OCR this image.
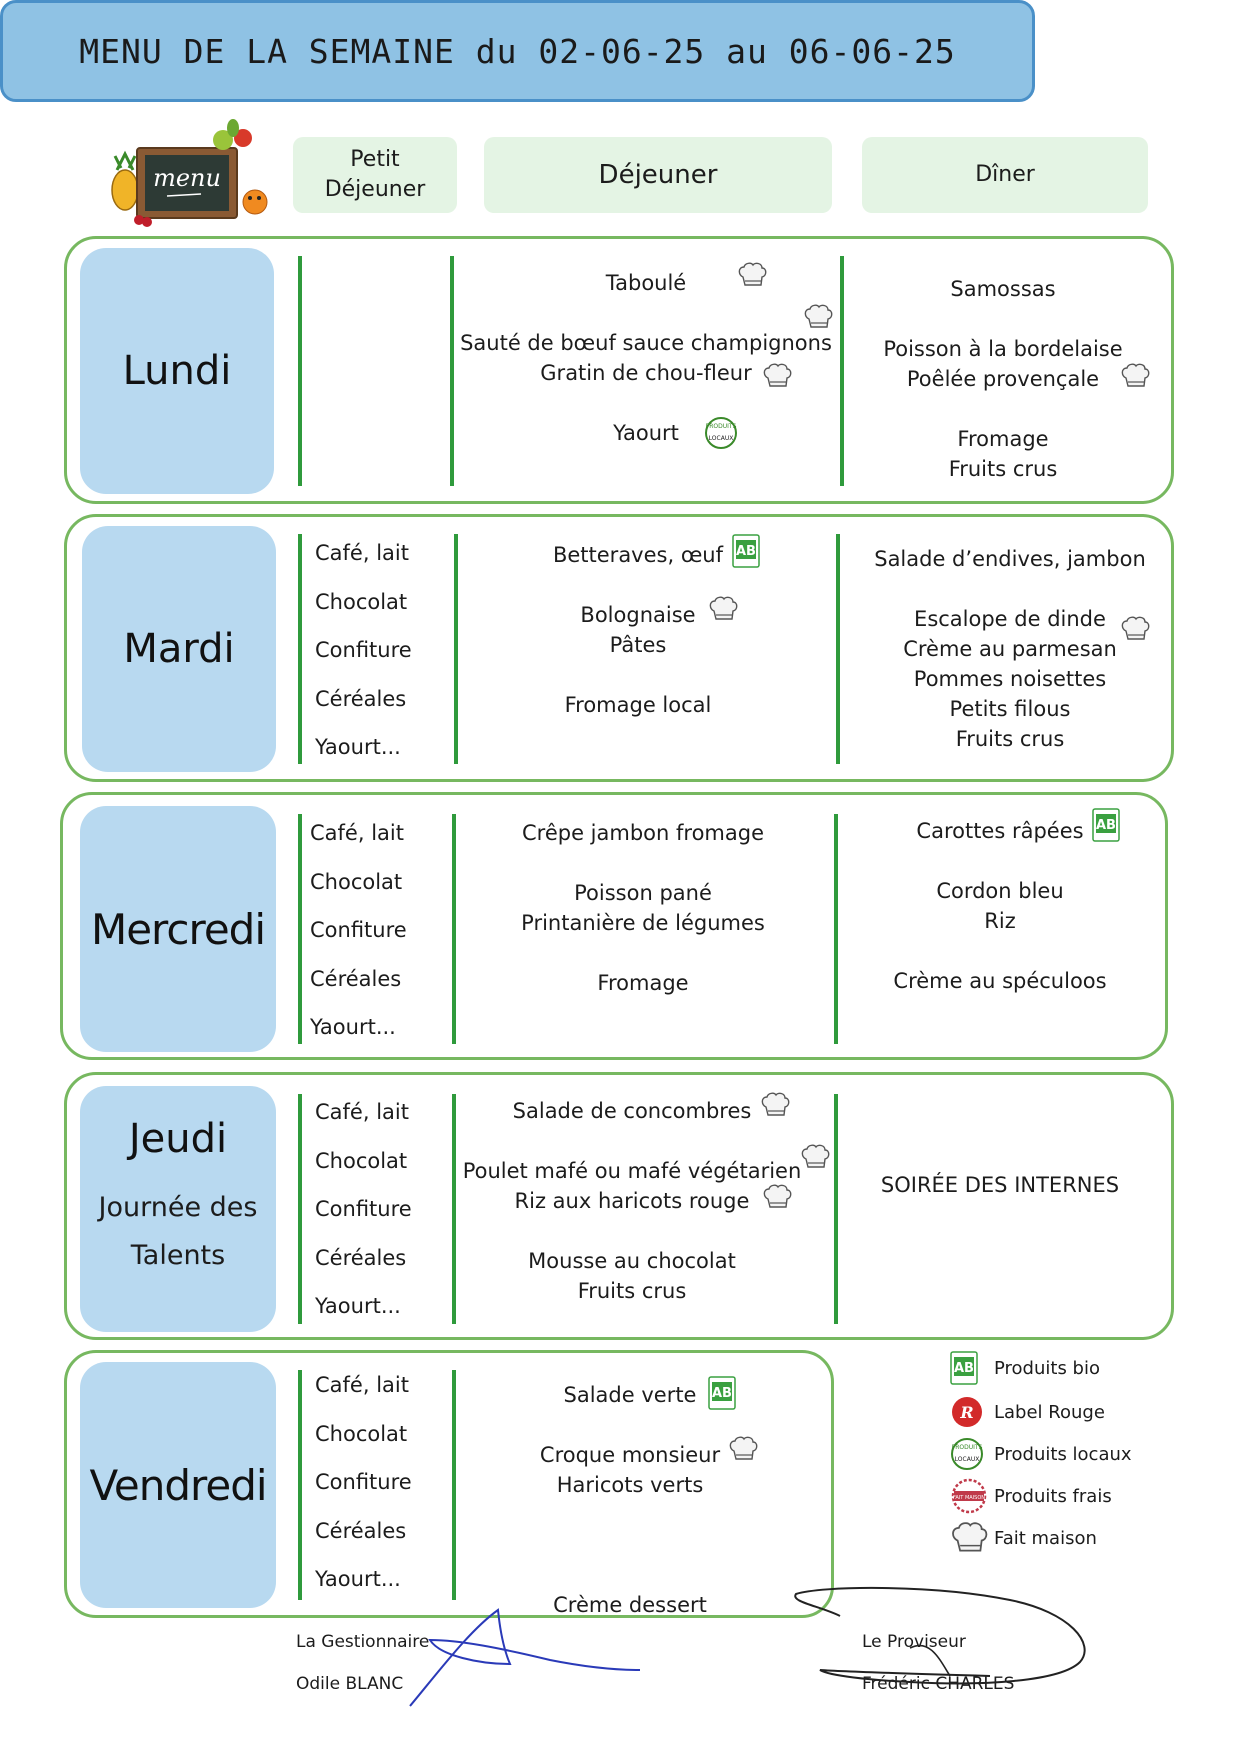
MENU DE LA SEMAINE du 02-06-25 au 06-06-25
menu
Petit
Déjeuner	Déjeuner	Dîner
Lundi
Taboulé
Sauté de bœuf sauce champignons
Gratin de chou-fleur
Yaourt
Samossas
Poisson à la bordelaise
Poêlée provençale
Fromage
Fruits crus
PRODUITS
LOCAUX
Mardi
Café, lait
Chocolat
Confiture
Céréales
Yaourt...
Betteraves, œuf
Bolognaise
Pâtes
Fromage local
Salade d’endives, jambon
Escalope de dinde
Crème au parmesan
Pommes noisettes
Petits filous
Fruits crus
AB
Mercredi
Café, lait
Chocolat
Confiture
Céréales
Yaourt...
Crêpe jambon fromage
Poisson pané
Printanière de légumes
Fromage
Carottes râpées
Cordon bleu
Riz
Crème au spéculoos
AB
Jeudi
Journée des
Talents
Café, lait
Chocolat
Confiture
Céréales
Yaourt...
Salade de concombres
Poulet mafé ou mafé végétarien
Riz aux haricots rouge
Mousse au chocolat
Fruits crus
SOIRÉE DES INTERNES
Vendredi
Café, lait
Chocolat
Confiture
Céréales
Yaourt...
Salade verte
Croque monsieur
Haricots verts
Crème dessert
AB
AB Produits bio
R Label Rouge
PRODUITS
LOCAUX Produits locaux
FAIT MAISON Produits frais
Fait maison
La Gestionnaire
Odile BLANC
Le Proviseur
Frédéric CHARLES
